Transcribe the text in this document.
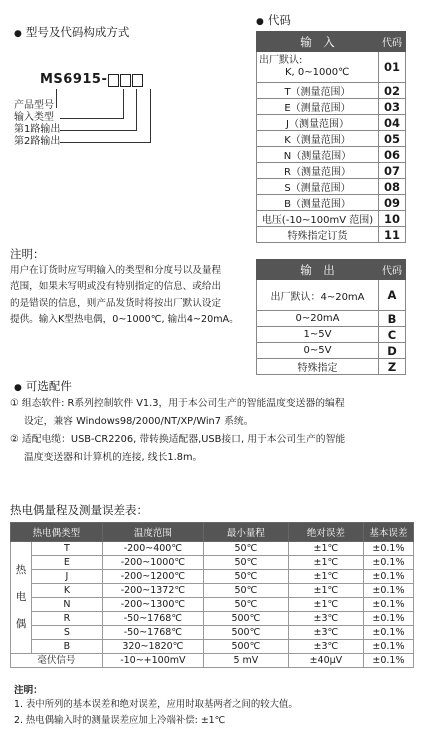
● 型号及代码构成方式
MS6915-
产品型号
输入类型
第1路输出
第2路输出
● 代码
输　入	代码

出厂默认:
K, 0~1000℃	01
T（测量范围）	02
E（测量范围）	03
J（测量范围）	04
K（测量范围）	05
N（测量范围）	06
R（测量范围）	07
S（测量范围）	08
B（测量范围）	09
电压(-10~100mV 范围)	10
特殊指定订货	11
输　出	代码
出厂默认：4~20mA	A
0~20mA	B
1~5V	C
0~5V	D
特殊指定	Z
注明：
用户在订货时应写明输入的类型和分度号以及量程
范围，如果未写明或没有特别指定的信息、或给出
的是错误的信息，则产品发货时将按出厂默认设定
提供。输入K型热电偶，0~1000℃, 输出4~20mA。
● 可选配件
① 组态软件: R系列控制软件 V1.3，用于本公司生产的智能温度变送器的编程
设定，兼容 Windows98/2000/NT/XP/Win7 系统。
② 适配电缆：USB-CR2206, 带转换适配器,USB接口, 用于本公司生产的智能
温度变送器和计算机的连接, 线长1.8m。
热电偶量程及测量误差表：
热电偶类型		温度范围	最小量程	绝对误差	基本误差

热
电
偶	T	-200~400℃	50℃	±1℃	±0.1%
	E	-200~1000℃	50℃	±1℃	±0.1%
	J	-200~1200℃	50℃	±1℃	±0.1%
	K	-200~1372℃	50℃	±1℃	±0.1%
	N	-200~1300℃	50℃	±1℃	±0.1%
	R	-50~1768℃	500℃	±3℃	±0.1%
	S	-50~1768℃	500℃	±3℃	±0.1%
	B	320~1820℃	500℃	±3℃	±0.1%
毫伏信号		-10~+100mV	5 mV	±40μV	±0.1%
注明：
1. 表中所列的基本误差和绝对误差，应用时取基两者之间的较大值。
2. 热电偶输入时的测量误差应加上冷端补偿: ±1℃
